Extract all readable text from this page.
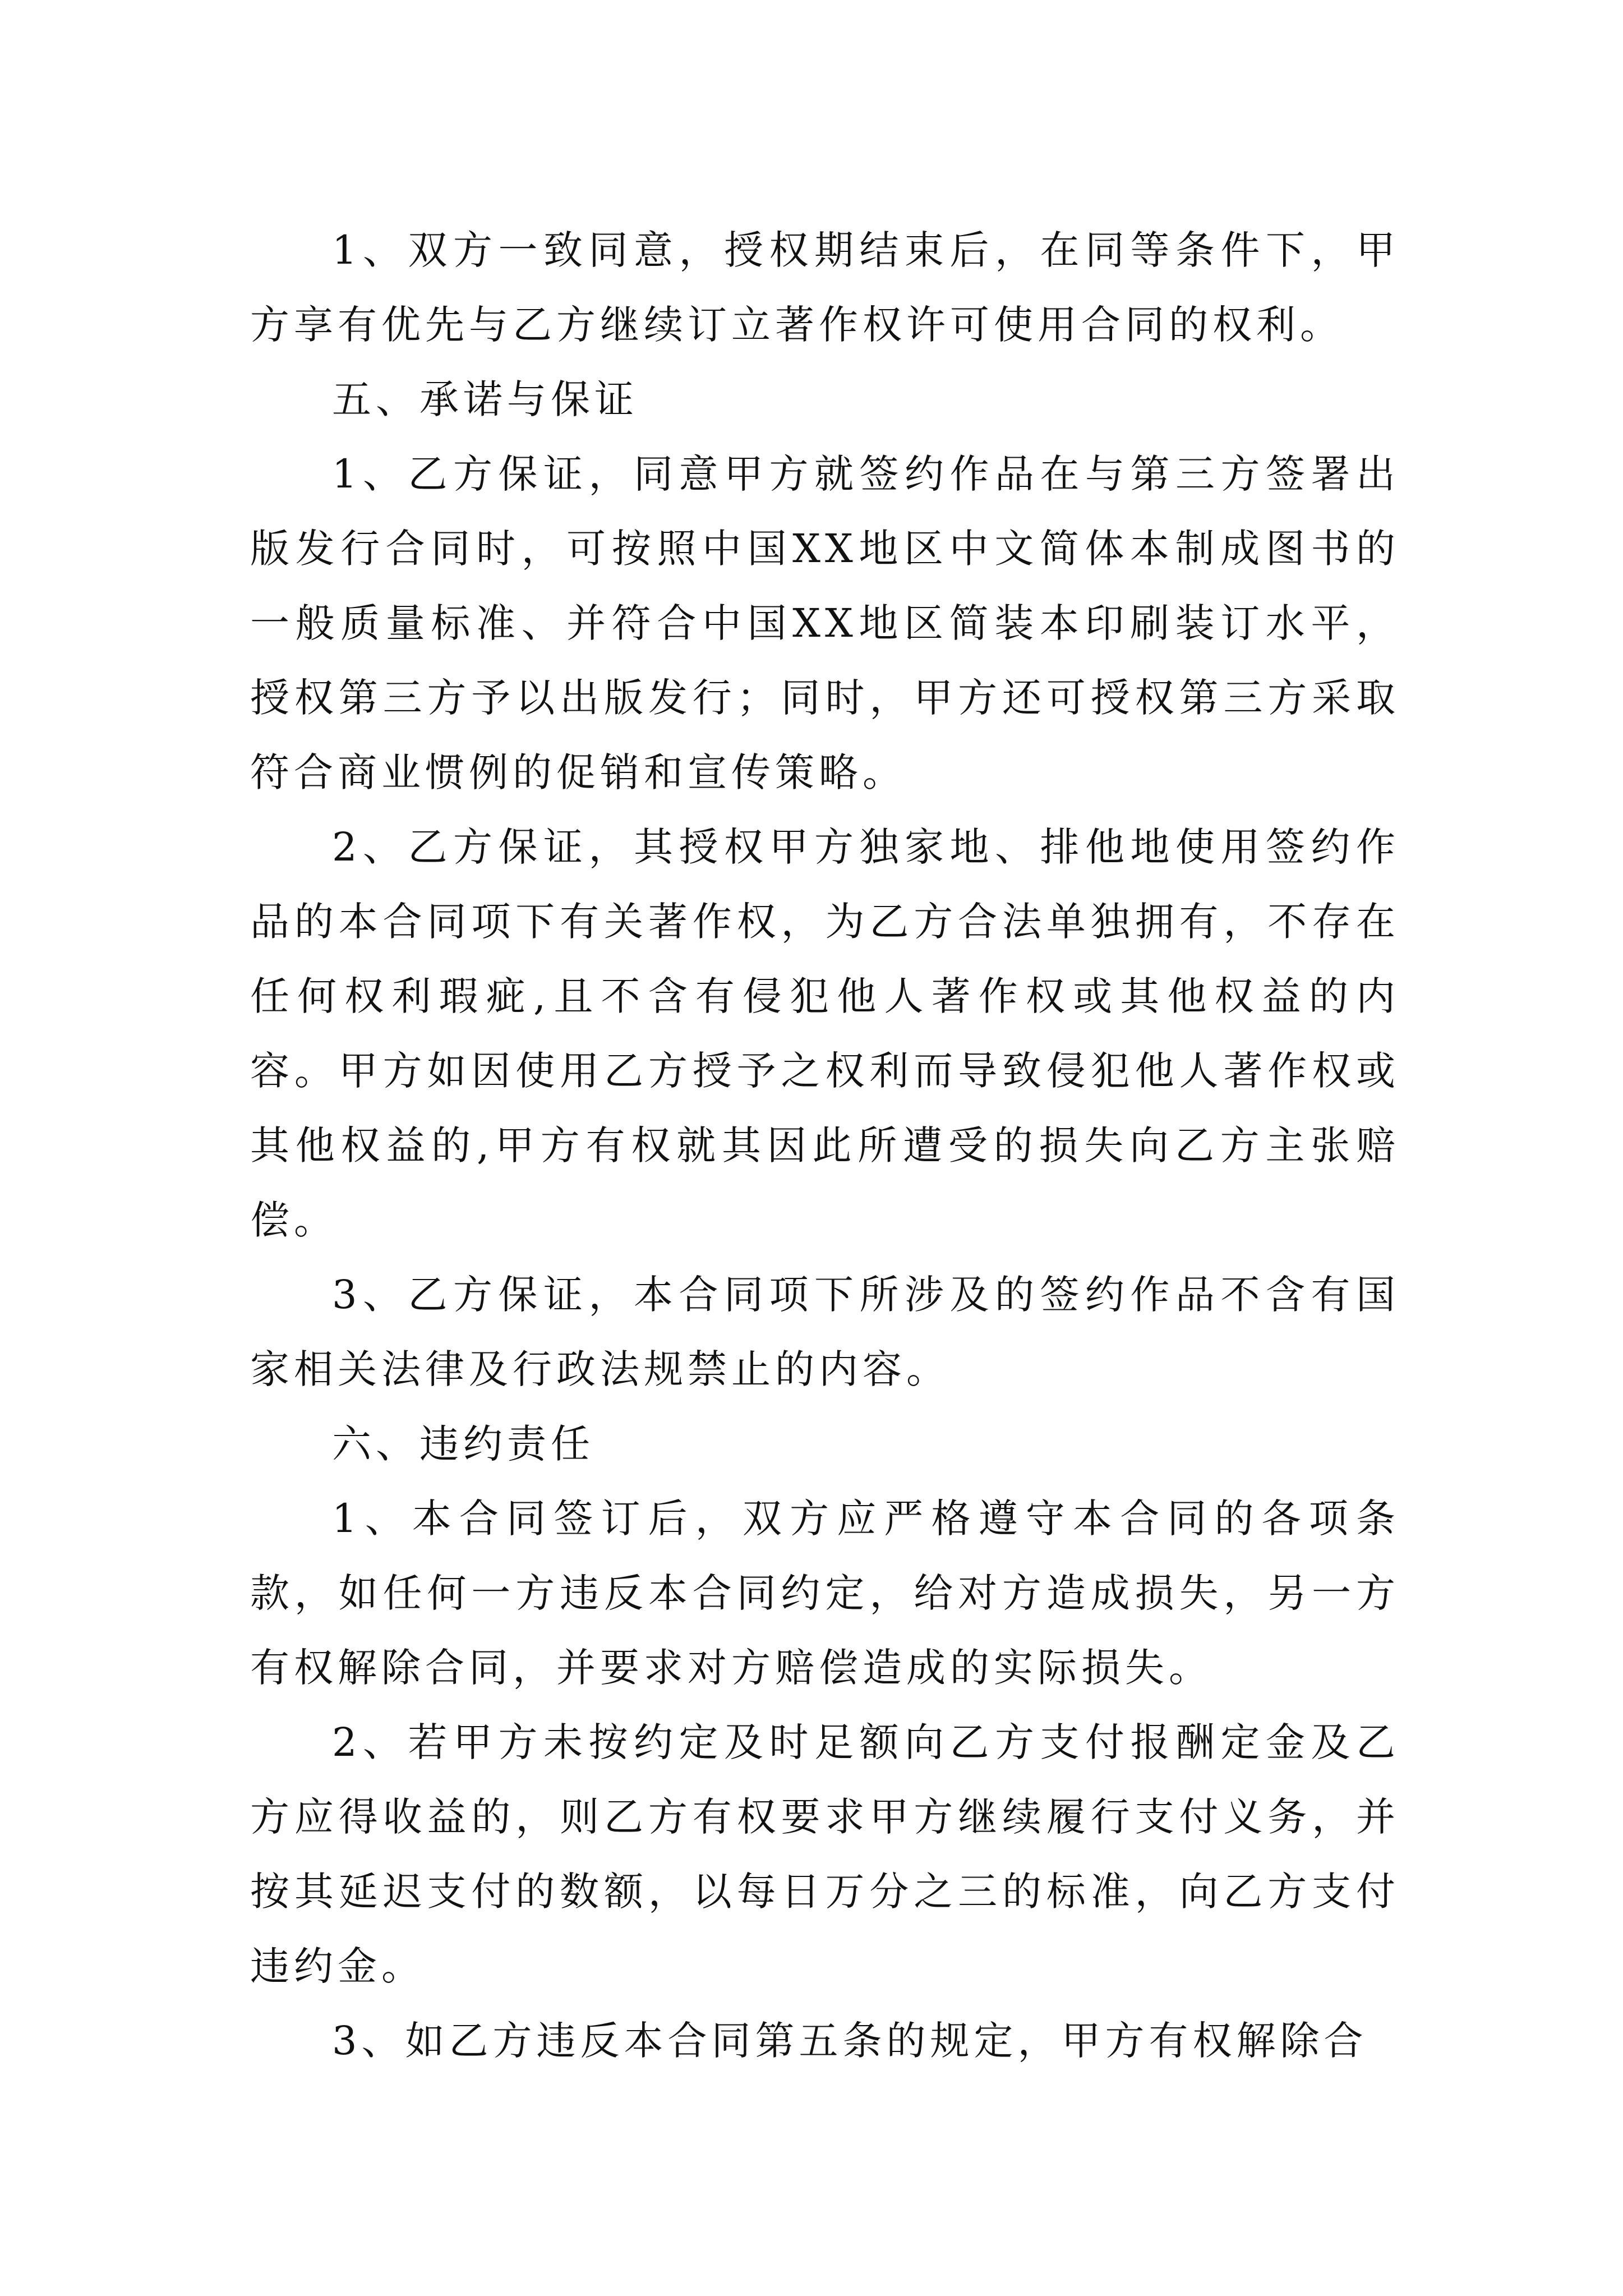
1、双方一致同意，授权期结束后，在同等条件下，甲方享有优先与乙方继续订立著作权许可使用合同的权利。

五、承诺与保证

1、乙方保证，同意甲方就签约作品在与第三方签署出版发行合同时，可按照中国XX地区中文简体本制成图书的一般质量标准、并符合中国XX地区简装本印刷装订水平，授权第三方予以出版发行；同时，甲方还可授权第三方采取符合商业惯例的促销和宣传策略。

2、乙方保证，其授权甲方独家地、排他地使用签约作品的本合同项下有关著作权，为乙方合法单独拥有，不存在任何权利瑕疵,且不含有侵犯他人著作权或其他权益的内容。甲方如因使用乙方授予之权利而导致侵犯他人著作权或其他权益的,甲方有权就其因此所遭受的损失向乙方主张赔偿。

3、乙方保证，本合同项下所涉及的签约作品不含有国家相关法律及行政法规禁止的内容。

六、违约责任

1、本合同签订后，双方应严格遵守本合同的各项条款，如任何一方违反本合同约定，给对方造成损失，另一方有权解除合同，并要求对方赔偿造成的实际损失。

2、若甲方未按约定及时足额向乙方支付报酬定金及乙方应得收益的，则乙方有权要求甲方继续履行支付义务，并按其延迟支付的数额，以每日万分之三的标准，向乙方支付违约金。

3、如乙方违反本合同第五条的规定，甲方有权解除合
